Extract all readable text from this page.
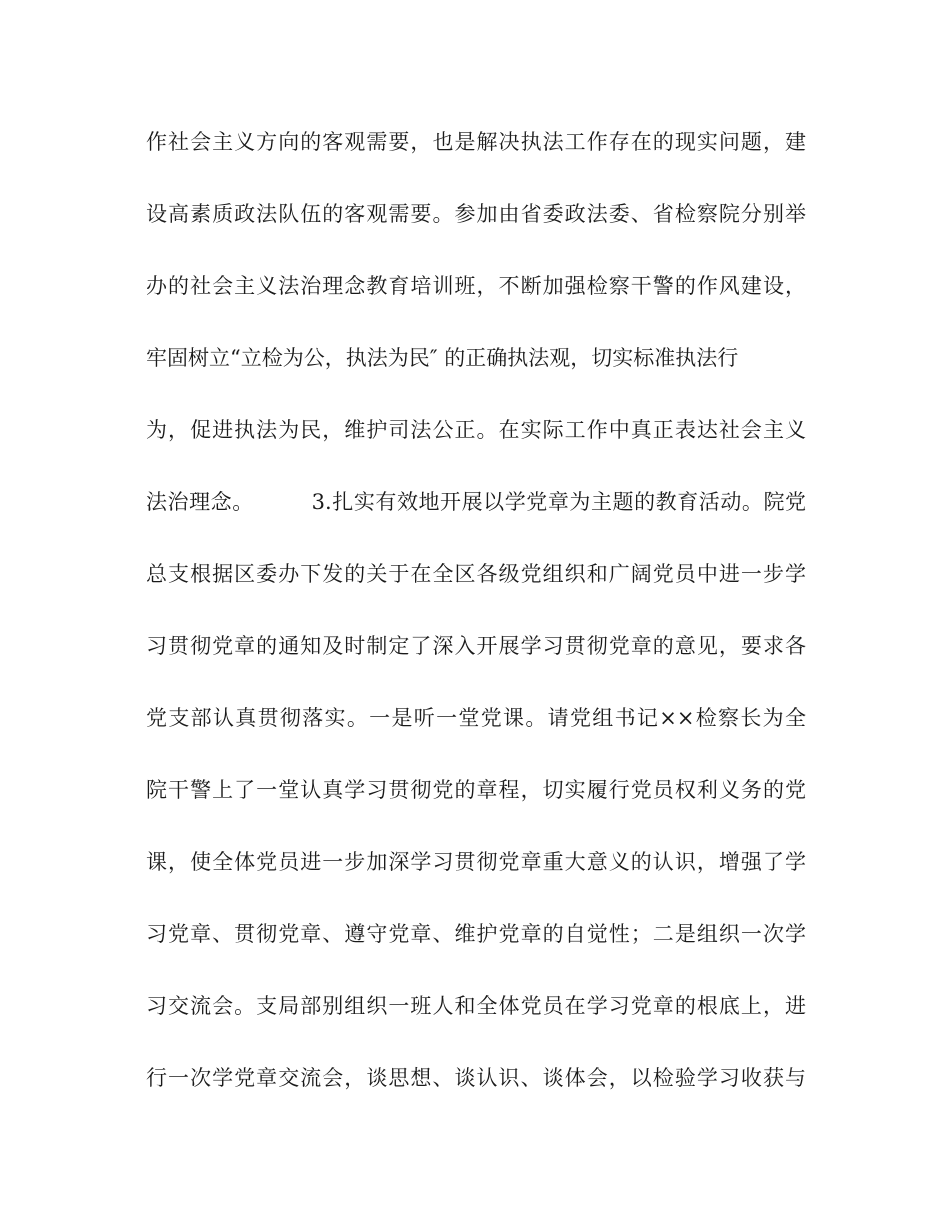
作社会主义方向的客观需要，也是解决执法工作存在的现实问题，建
设高素质政法队伍的客观需要。参加由省委政法委、省检察院分别举
办的社会主义法治理念教育培训班，不断加强检察干警的作风建设，
牢固树立“立检为公，执法为民″ 的正确执法观，切实标准执法行
为，促进执法为民，维护司法公正。在实际工作中真正表达社会主义
法治理念。        3.扎实有效地开展以学党章为主题的教育活动。院党
总支根据区委办下发的关于在全区各级党组织和广阔党员中进一步学
习贯彻党章的通知及时制定了深入开展学习贯彻党章的意见，要求各
党支部认真贯彻落实。一是听一堂党课。请党组书记××检察长为全
院干警上了一堂认真学习贯彻党的章程，切实履行党员权利义务的党
课，使全体党员进一步加深学习贯彻党章重大意义的认识，增强了学
习党章、贯彻党章、遵守党章、维护党章的自觉性；二是组织一次学
习交流会。支局部别组织一班人和全体党员在学习党章的根底上，进
行一次学党章交流会，谈思想、谈认识、谈体会，以检验学习收获与
